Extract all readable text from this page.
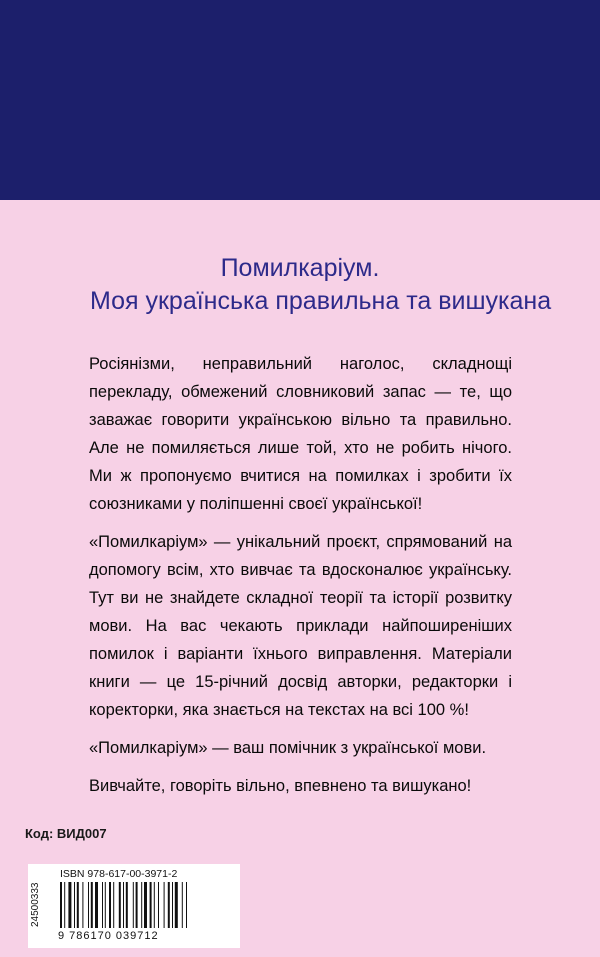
Помилкаріум.
Моя українська правильна та вишукана

Росіянізми, неправильний наголос, складнощі перекладу, обмежений словниковий запас — те, що заважає говорити українською вільно та правильно. Але не помиляється лише той, хто не робить нічого. Ми ж пропонуємо вчитися на помилках і зробити їх союзниками у поліпшенні своєї української!

«Помилкаріум» — унікальний проєкт, спрямований на допомогу всім, хто вивчає та вдосконалює українську. Тут ви не знайдете складної теорії та історії розвитку мови. На вас чекають приклади найпоширеніших помилок і варіанти їхнього виправлення. Матеріали книги — це 15-річний досвід авторки, редакторки і коректорки, яка знається на текстах на всі 100 %!

«Помилкаріум» — ваш помічник з української мови.

Вивчайте, говоріть вільно, впевнено та вишукано!

Код: ВИД007
24500333
ISBN 978-617-00-3971-2
9 786170 039712
